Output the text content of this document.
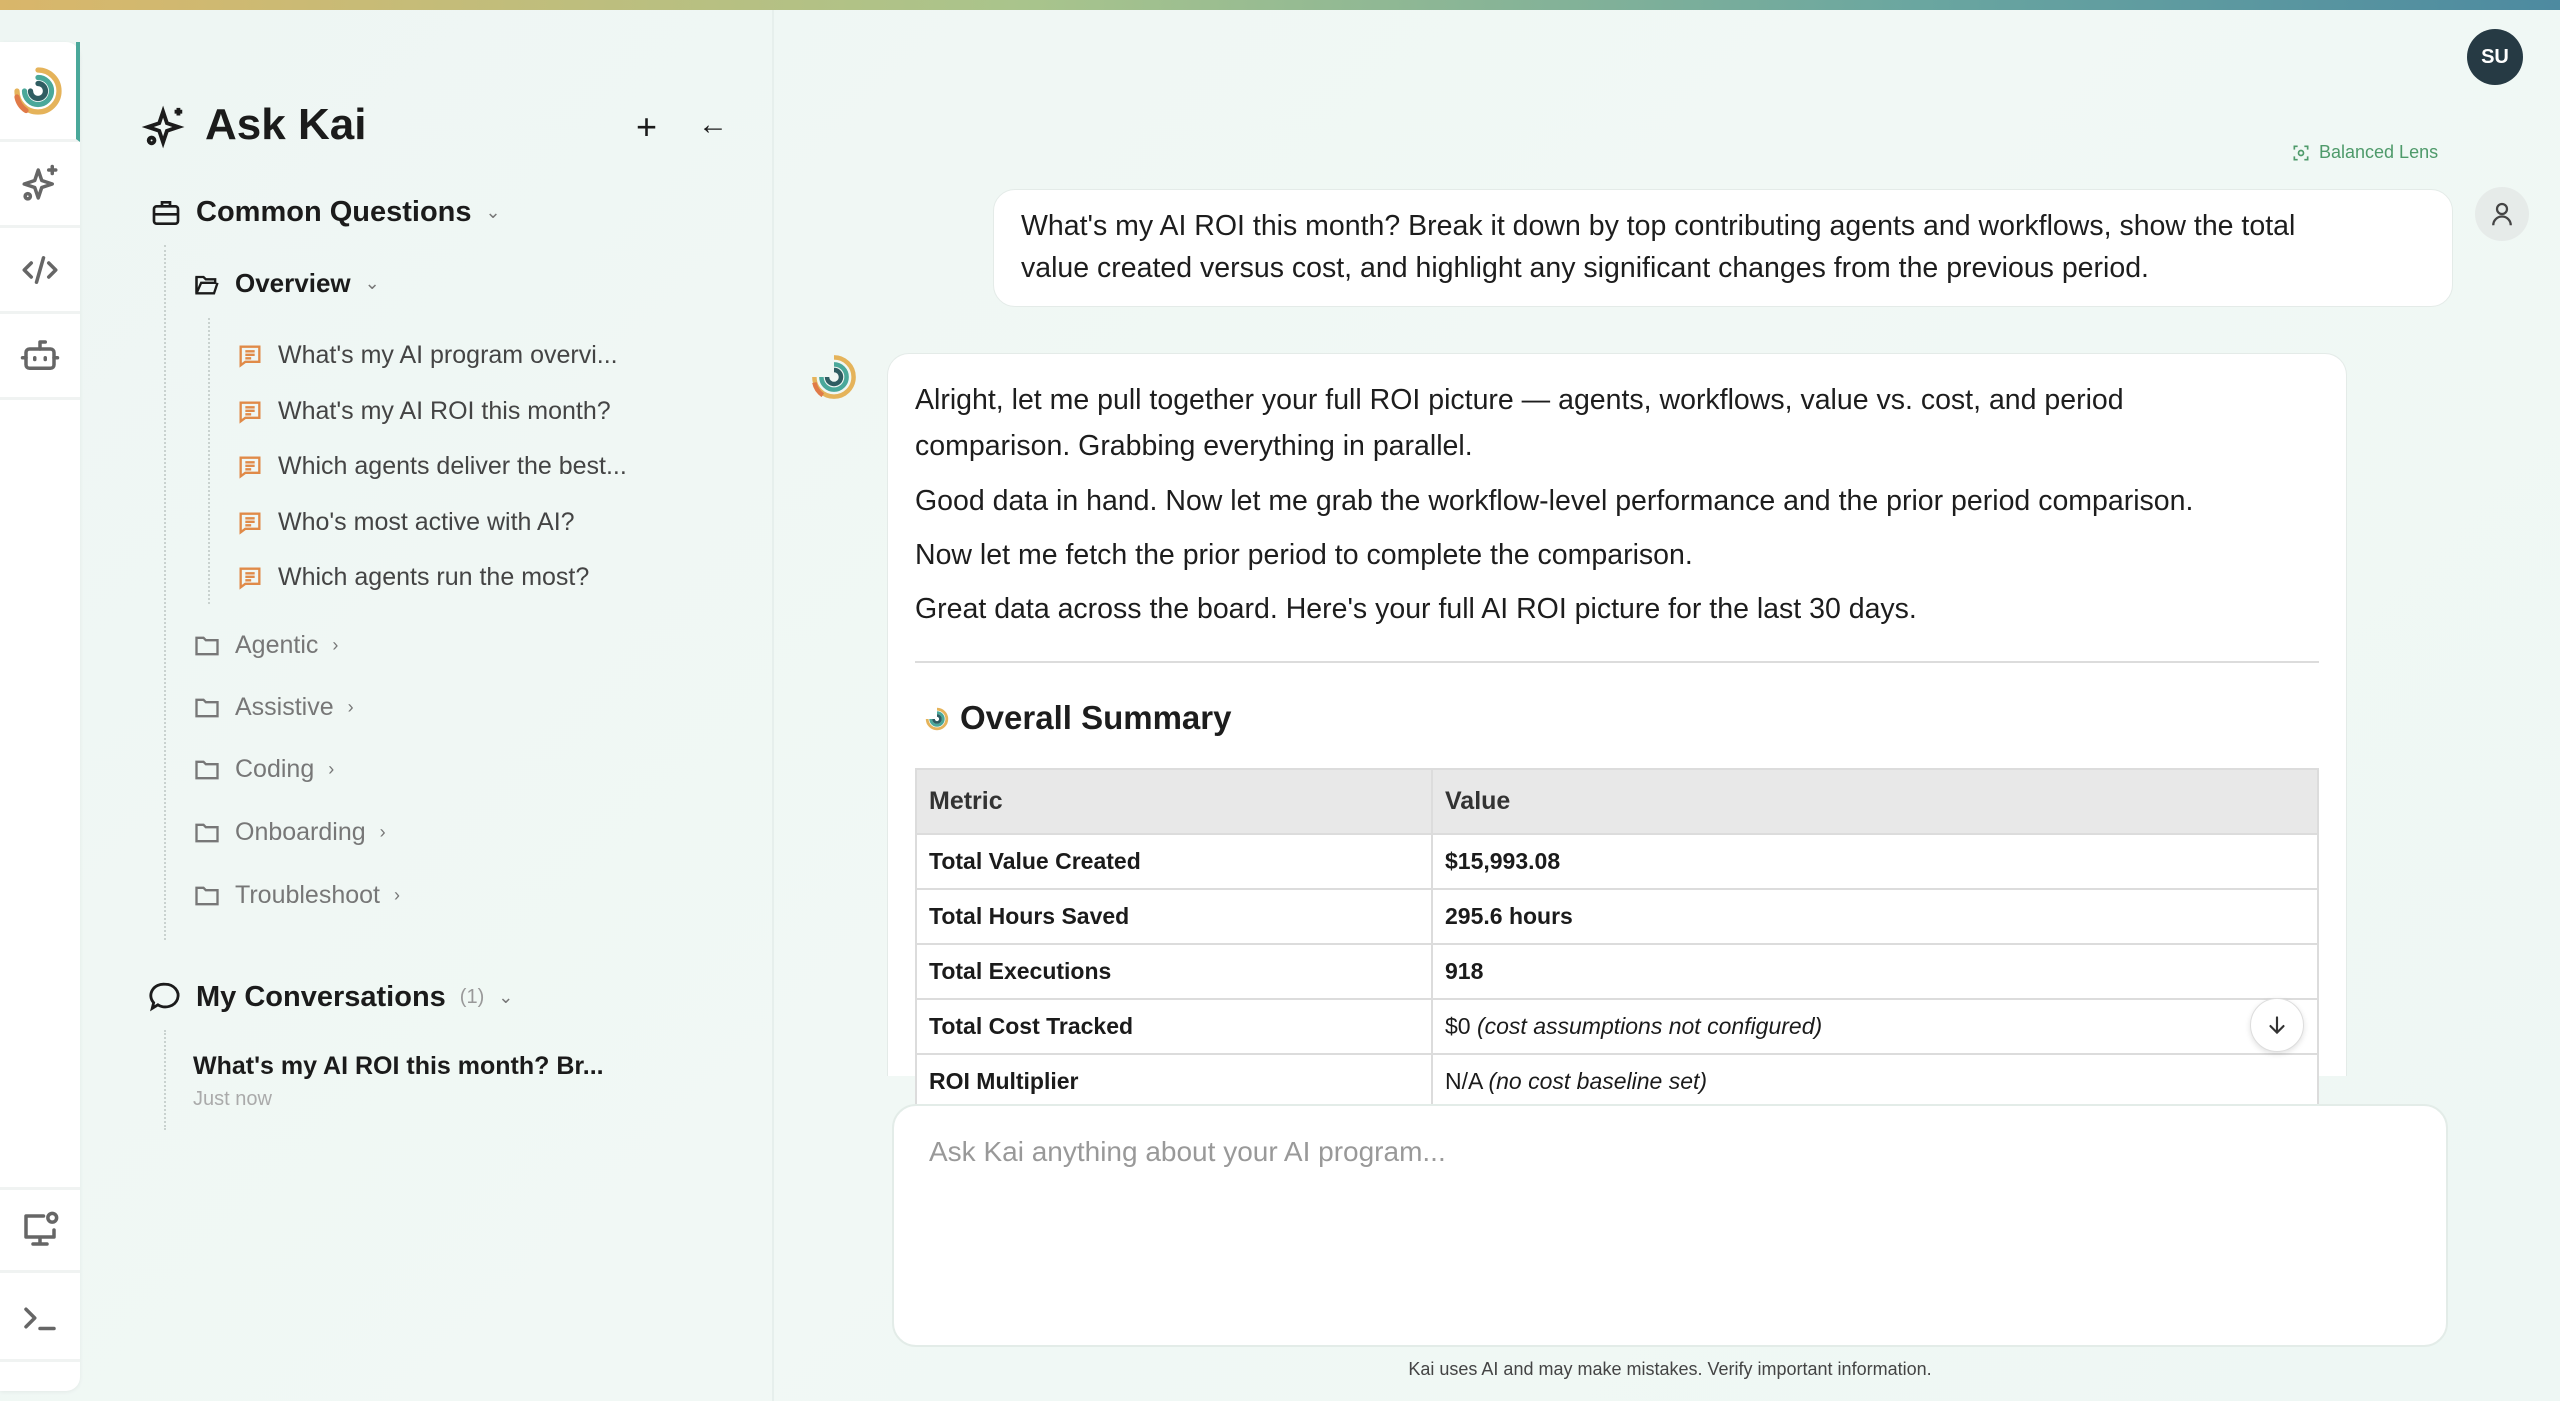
Ask Kai	+ ←
Common Questions ⌄
Overview ⌄
What's my AI program overvi...
What's my AI ROI this month?
Which agents deliver the best...
Who's most active with AI?
Which agents run the most?
Agentic ›
Assistive ›
Coding ›
Onboarding ›
Troubleshoot ›
My Conversations (1) ⌄
What's my AI ROI this month? Br...
Just now
SU
Balanced Lens
What's my AI ROI this month? Break it down by top contributing agents and workflows, show the total
value created versus cost, and highlight any significant changes from the previous period.
Alright, let me pull together your full ROI picture — agents, workflows, value vs. cost, and period
comparison. Grabbing everything in parallel.
Good data in hand. Now let me grab the workflow-level performance and the prior period comparison.
Now let me fetch the prior period to complete the comparison.
Great data across the board. Here's your full AI ROI picture for the last 30 days.
Overall Summary
Metric	Value
Total Value Created	$15,993.08
Total Hours Saved	295.6 hours
Total Executions	918
Total Cost Tracked	$0 (cost assumptions not configured)
ROI Multiplier	N/A (no cost baseline set)
Ask Kai anything about your AI program...
Kai uses AI and may make mistakes. Verify important information.
